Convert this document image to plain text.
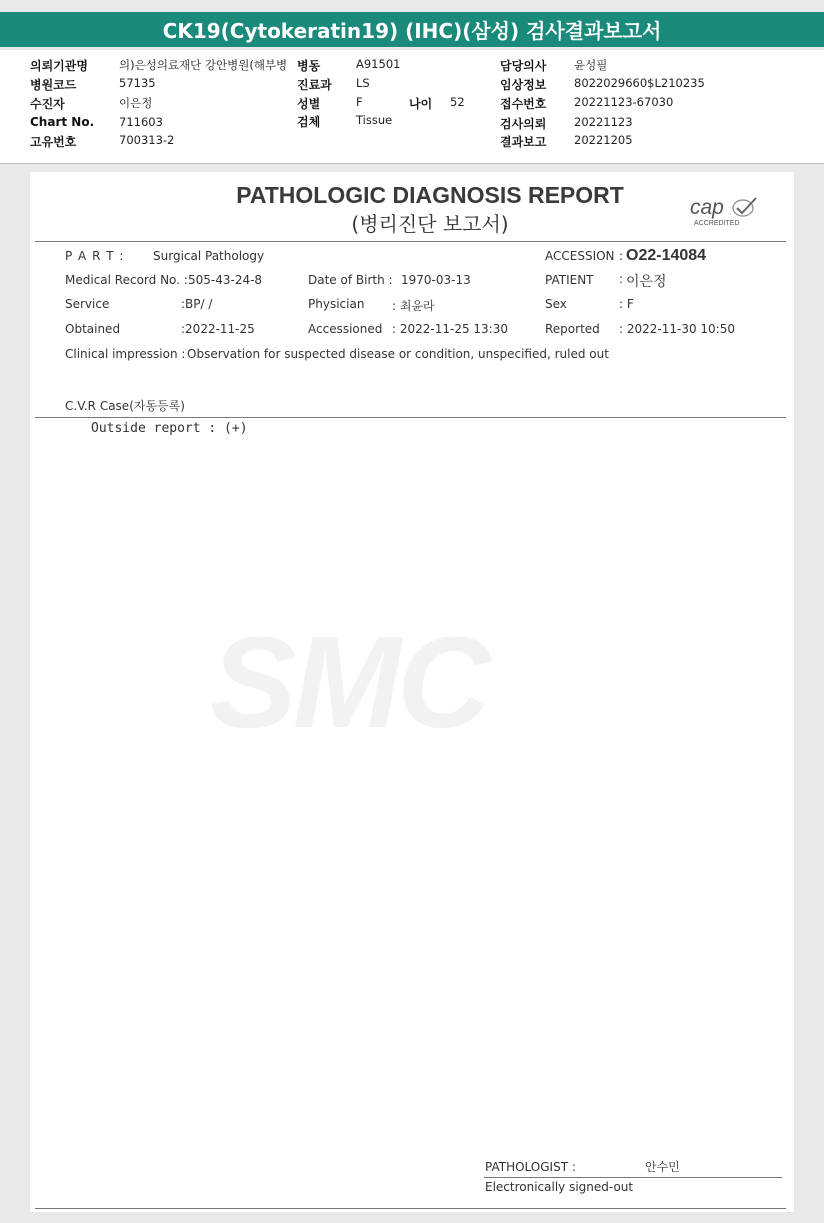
CK19(Cytokeratin19) (IHC)(삼성) 검사결과보고서
의뢰기관명	의)은성의료재단 강안병원(해부병 병동	A91501	담당의사 윤성필
병원코드	57135	진료과 LS	임상정보 8022029660$L210235
수진자	이은정	성별	F	나이 52	접수번호 20221123-67030
Chart No. 711603	검체	Tissue	검사의뢰 20221123
고유번호	700313-2	결과보고 20221205
PATHOLOGIC DIAGNOSIS REPORT
(병리진단 보고서)
cap
ACCREDITED
P A R T : Surgical Pathology	ACCESSION : O22-14084
Medical Record No. : 505-43-24-8	Date of Birth : 1970-03-13	PATIENT : 이은정
Service	:BP/ /	Physician : 최윤라	Sex	: F
Obtained	:2022-11-25	Accessioned : 2022-11-25 13:30	Reported : 2022-11-30 10:50
Clinical impression : Observation for suspected disease or condition, unspecified, ruled out
C.V.R Case(자동등록)
Outside report : (+)
SMC
PATHOLOGIST :	안수민
Electronically signed-out
